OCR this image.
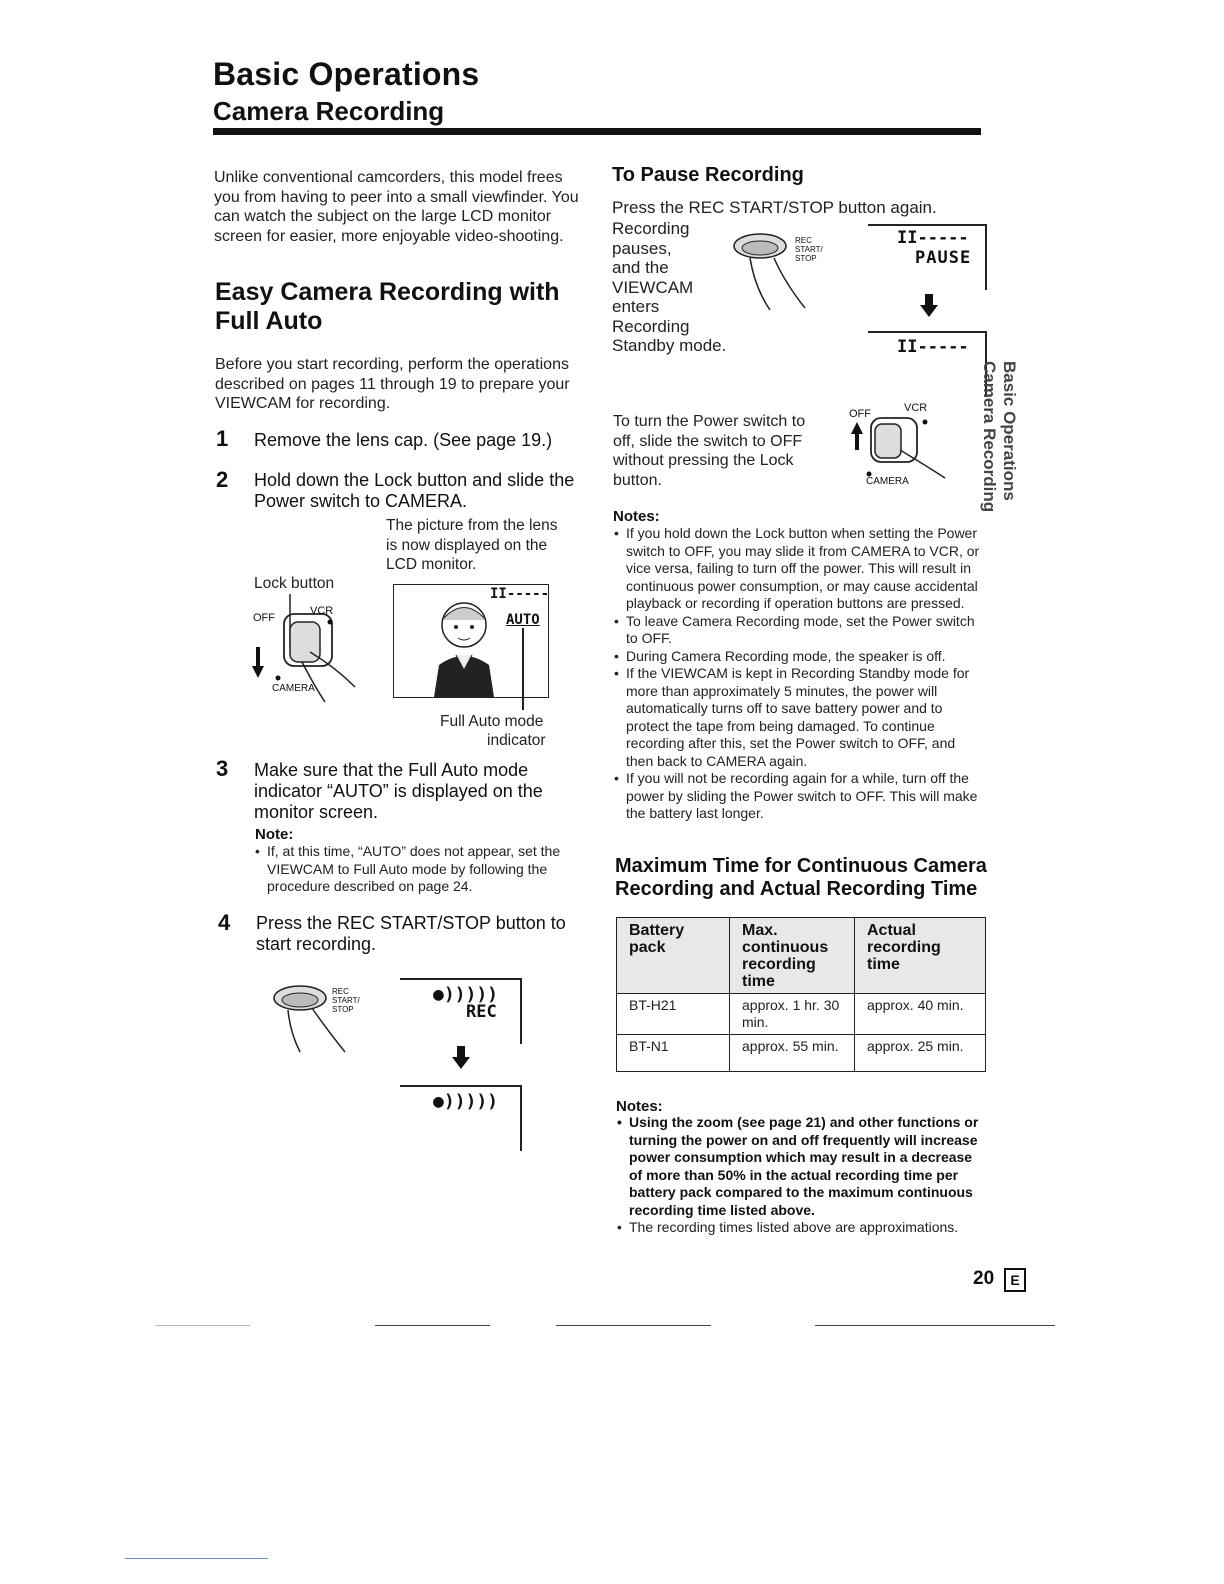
Basic Operations
Camera Recording
Unlike conventional camcorders, this model frees you from having to peer into a small viewfinder. You can watch the subject on the large LCD monitor screen for easier, more enjoyable video-shooting.
Easy Camera Recording with Full Auto
Before you start recording, perform the operations described on pages 11 through 19 to prepare your VIEWCAM for recording.
1 Remove the lens cap. (See page 19.)
2 Hold down the Lock button and slide the Power switch to CAMERA.
The picture from the lens is now displayed on the LCD monitor.
Lock button
OFF
VCR
CAMERA
II-----
AUTO
Full Auto mode
indicator
3 Make sure that the Full Auto mode indicator “AUTO” is displayed on the monitor screen.
Note:
• If, at this time, “AUTO” does not appear, set the VIEWCAM to Full Auto mode by following the procedure described on page 24.
4 Press the REC START/STOP button to start recording.
REC
START/
STOP
●)))))
REC
●)))))
To Pause Recording
Press the REC START/STOP button again.
Recording
pauses,
and the
VIEWCAM
enters
Recording
Standby mode.
REC
START/
STOP
II-----
PAUSE
II-----
To turn the Power switch to
off, slide the switch to OFF
without pressing the Lock
button.
OFF	VCR
CAMERA
Notes:
• If you hold down the Lock button when setting the Power switch to OFF, you may slide it from CAMERA to VCR, or vice versa, failing to turn off the power. This will result in continuous power consumption, or may cause accidental playback or recording if operation buttons are pressed.
• To leave Camera Recording mode, set the Power switch to OFF.
• During Camera Recording mode, the speaker is off.
• If the VIEWCAM is kept in Recording Standby mode for more than approximately 5 minutes, the power will automatically turns off to save battery power and to protect the tape from being damaged. To continue recording after this, set the Power switch to OFF, and then back to CAMERA again.
• If you will not be recording again for a while, turn off the power by sliding the Power switch to OFF. This will make the battery last longer.
Maximum Time for Continuous Camera Recording and Actual Recording Time
Battery pack	Max. continuous recording time	Actual recording time
BT-H21	approx. 1 hr. 30 min.	approx. 40 min.
BT-N1	approx. 55 min.	approx. 25 min.
Notes:
• Using the zoom (see page 21) and other functions or turning the power on and off frequently will increase power consumption which may result in a decrease of more than 50% in the actual recording time per battery pack compared to the maximum continuous recording time listed above.
• The recording times listed above are approximations.
Basic Operations
Camera Recording
20	E
